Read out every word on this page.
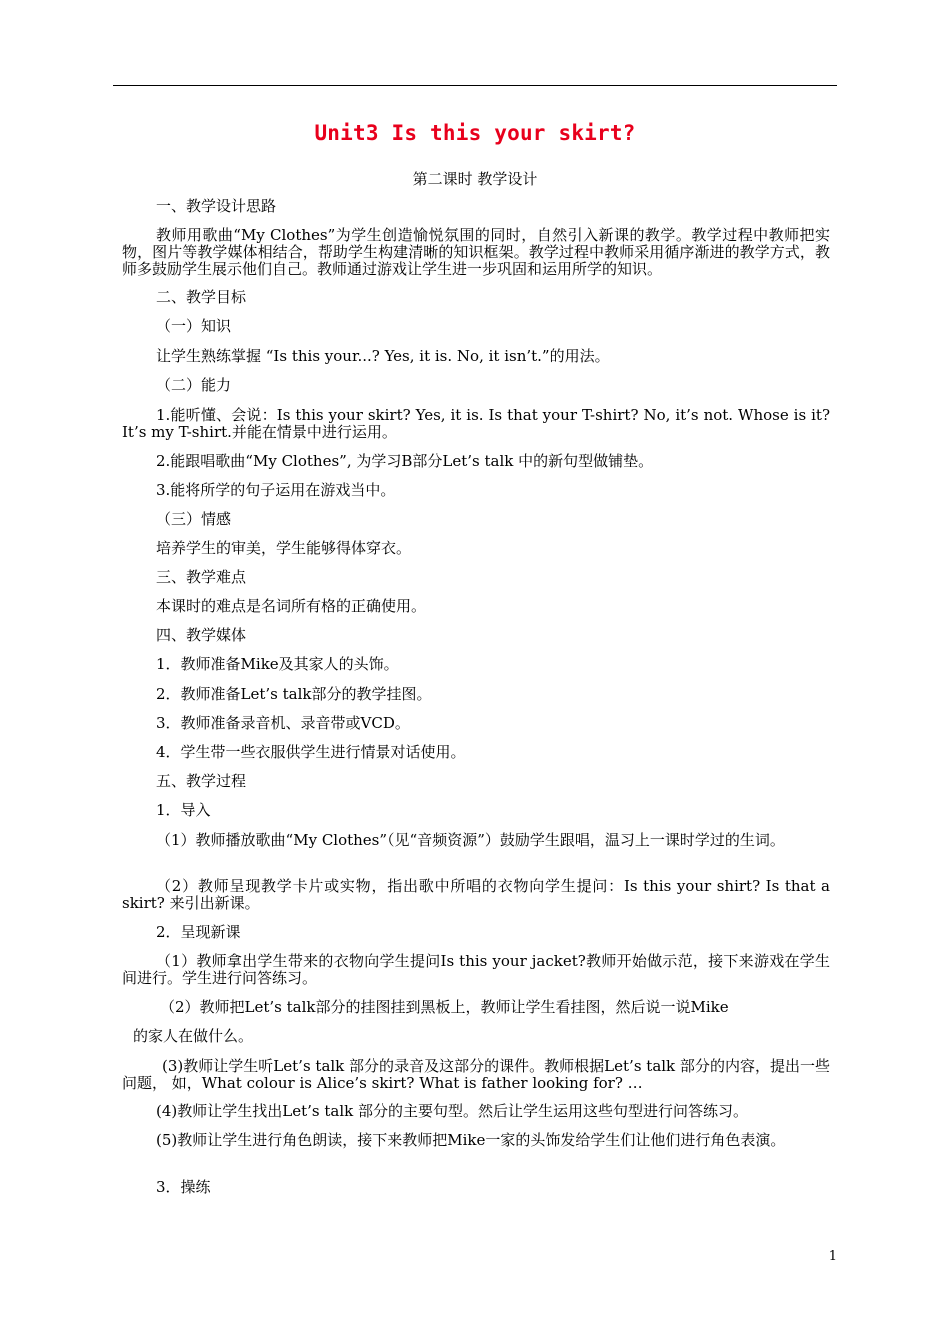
Unit3 Is this your skirt?
第二课时 教学设计
一、教学设计思路
教师用歌曲“My Clothes”为学生创造愉悦氛围的同时，自然引入新课的教学。教学过程中教师把实物，图片等教学媒体相结合，帮助学生构建清晰的知识框架。教学过程中教师采用循序渐进的教学方式，教师多鼓励学生展示他们自己。教师通过游戏让学生进一步巩固和运用所学的知识。
二、教学目标
（一）知识
让学生熟练掌握 “Is this your...? Yes, it is. No, it isn’t.”的用法。
（二）能力
1.能听懂、会说：Is this your skirt? Yes, it is. Is that your T-shirt? No, it’s not. Whose is it? It’s my T-shirt.并能在情景中进行运用。
2.能跟唱歌曲“My Clothes”, 为学习B部分Let’s talk 中的新句型做铺垫。
3.能将所学的句子运用在游戏当中。
（三）情感
培养学生的审美，学生能够得体穿衣。
三、教学难点
本课时的难点是名词所有格的正确使用。
四、教学媒体
1．教师准备Mike及其家人的头饰。
2．教师准备Let’s talk部分的教学挂图。
3．教师准备录音机、录音带或VCD。
4．学生带一些衣服供学生进行情景对话使用。
五、教学过程
1．导入
（1）教师播放歌曲“My Clothes”（见“音频资源”）鼓励学生跟唱，温习上一课时学过的生词。
（2）教师呈现教学卡片或实物，指出歌中所唱的衣物向学生提问：Is this your shirt? Is that a skirt? 来引出新课。
2．呈现新课
（1）教师拿出学生带来的衣物向学生提问Is this your jacket?教师开始做示范，接下来游戏在学生间进行。学生进行问答练习。
（2）教师把Let’s talk部分的挂图挂到黑板上，教师让学生看挂图，然后说一说Mike
的家人在做什么。
(3)教师让学生听Let’s talk 部分的录音及这部分的课件。教师根据Let’s talk 部分的内容，提出一些问题， 如，What colour is Alice’s skirt? What is father looking for? …
(4)教师让学生找出Let’s talk 部分的主要句型。然后让学生运用这些句型进行问答练习。
(5)教师让学生进行角色朗读，接下来教师把Mike一家的头饰发给学生们让他们进行角色表演。
3．操练
1
